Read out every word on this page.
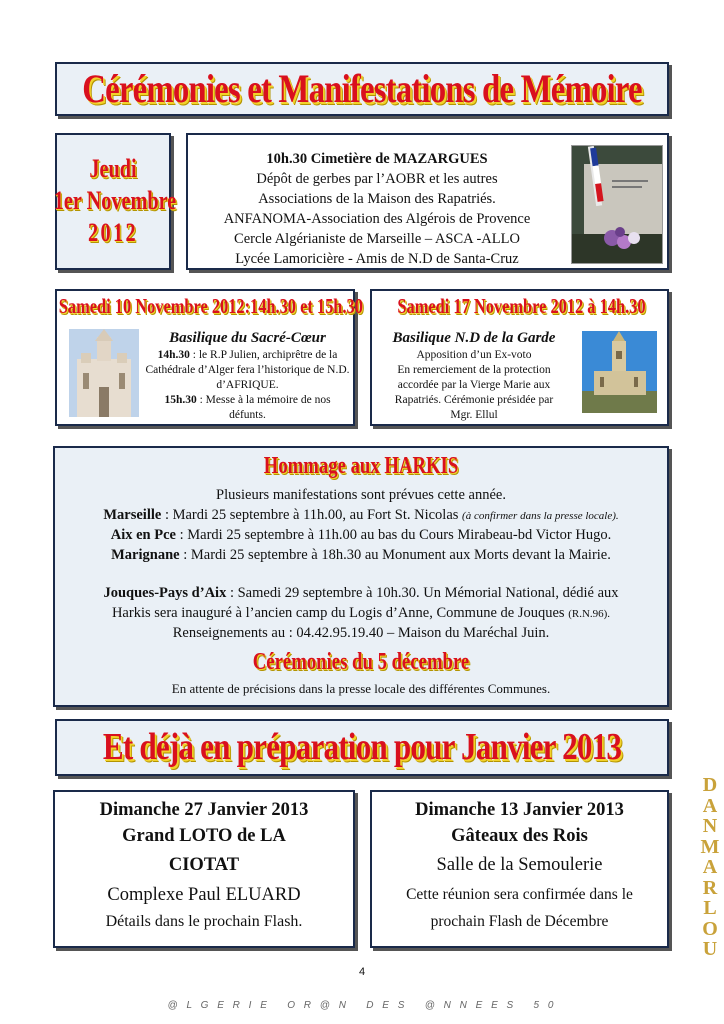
Cérémonies et Manifestations de Mémoire
Jeudi
1er Novembre
2012
10h.30 Cimetière de MAZARGUES
Dépôt de gerbes par l’AOBR et les autres
Associations de la Maison des Rapatriés.
ANFANOMA-Association des Algérois de Provence
Cercle Algérianiste de Marseille – ASCA -ALLO
Lycée Lamoricière - Amis de N.D de Santa-Cruz
Samedi 10 Novembre 2012:14h.30 et 15h.30
Basilique du Sacré-Cœur
14h.30 : le R.P Julien, archiprêtre de la Cathédrale d’Alger fera l’historique de N.D. d’AFRIQUE.
15h.30 : Messe à la mémoire de nos défunts.
Samedi 17 Novembre 2012 à 14h.30
Basilique N.D de la Garde
Apposition d’un Ex-voto
En remerciement de la protection
accordée par la Vierge Marie aux
Rapatriés. Cérémonie présidée par
Mgr. Ellul
Hommage aux HARKIS
Plusieurs manifestations sont prévues cette année.
Marseille : Mardi 25 septembre à 11h.00, au Fort St. Nicolas (à confirmer dans la presse locale).
Aix en Pce : Mardi 25 septembre à 11h.00 au bas du Cours Mirabeau-bd Victor Hugo.
Marignane : Mardi 25 septembre à 18h.30 au Monument aux Morts devant la Mairie.
Jouques-Pays d’Aix : Samedi 29 septembre à 10h.30. Un Mémorial National, dédié aux
Harkis sera inauguré à l’ancien camp du Logis d’Anne, Commune de Jouques (R.N.96).
Renseignements au : 04.42.95.19.40 – Maison du Maréchal Juin.
Cérémonies du 5 décembre
En attente de précisions dans la presse locale des différentes Communes.
Et déjà en préparation pour Janvier 2013
Dimanche 27 Janvier 2013
Grand LOTO de LA
CIOTAT
Complexe Paul ELUARD
Détails dans le prochain Flash.
Dimanche 13 Janvier 2013
Gâteaux des Rois
Salle de la Semoulerie
Cette réunion sera confirmée dans le
prochain Flash de Décembre
4
@ L G E R I E   O R @ N   D E S   @ N N E E S   5 0
DANMARLOU
